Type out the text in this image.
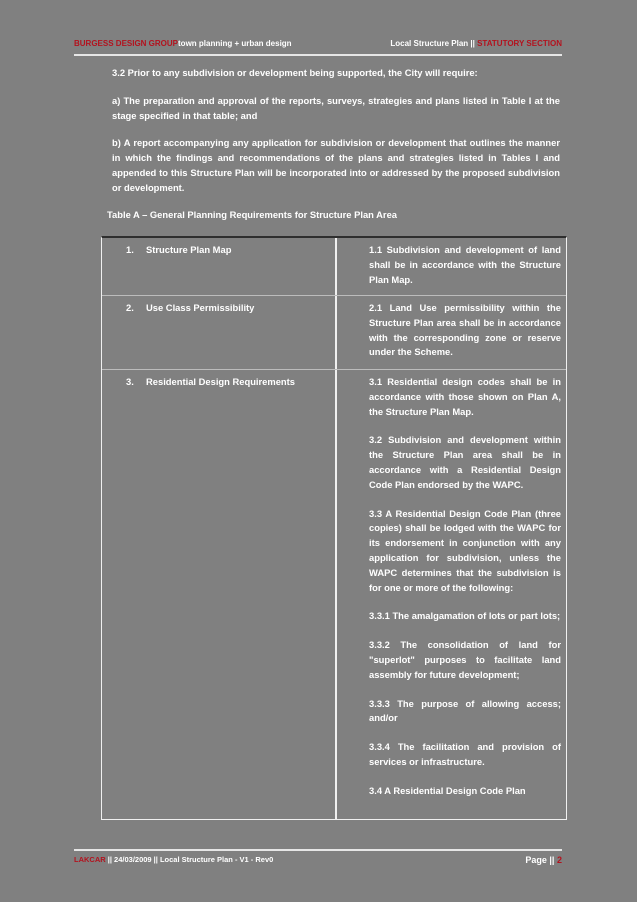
BURGESS DESIGN GROUPtown planning + urban design	Local Structure Plan || STATUTORY SECTION

3.2 Prior to any subdivision or development being supported, the City will require:

a) The preparation and approval of the reports, surveys, strategies and plans listed in Table I at the stage specified in that table; and

b) A report accompanying any application for subdivision or development that outlines the manner in which the findings and recommendations of the plans and strategies listed in Tables I and appended to this Structure Plan will be incorporated into or addressed by the proposed subdivision or development.

Table A – General Planning Requirements for Structure Plan Area
1. Structure Plan Map	1.1 Subdivision and development of land shall be in accordance with the Structure Plan Map.

2. Use Class Permissibility	2.1 Land Use permissibility within the Structure Plan area shall be in accordance with the corresponding zone or reserve under the Scheme.

3. Residential Design Requirements	3.1 Residential design codes shall be in accordance with those shown on Plan A, the Structure Plan Map.

3.2 Subdivision and development within the Structure Plan area shall be in accordance with a Residential Design Code Plan endorsed by the WAPC.

3.3 A Residential Design Code Plan (three copies) shall be lodged with the WAPC for its endorsement in conjunction with any application for subdivision, unless the WAPC determines that the subdivision is for one or more of the following:

3.3.1 The amalgamation of lots or part lots;

3.3.2 The consolidation of land for "superlot" purposes to facilitate land assembly for future development;

3.3.3 The purpose of allowing access; and/or

3.3.4 The facilitation and provision of services or infrastructure.

3.4 A Residential Design Code Plan

LAKCAR || 24/03/2009 || Local Structure Plan - V1 - Rev0	Page || 2
